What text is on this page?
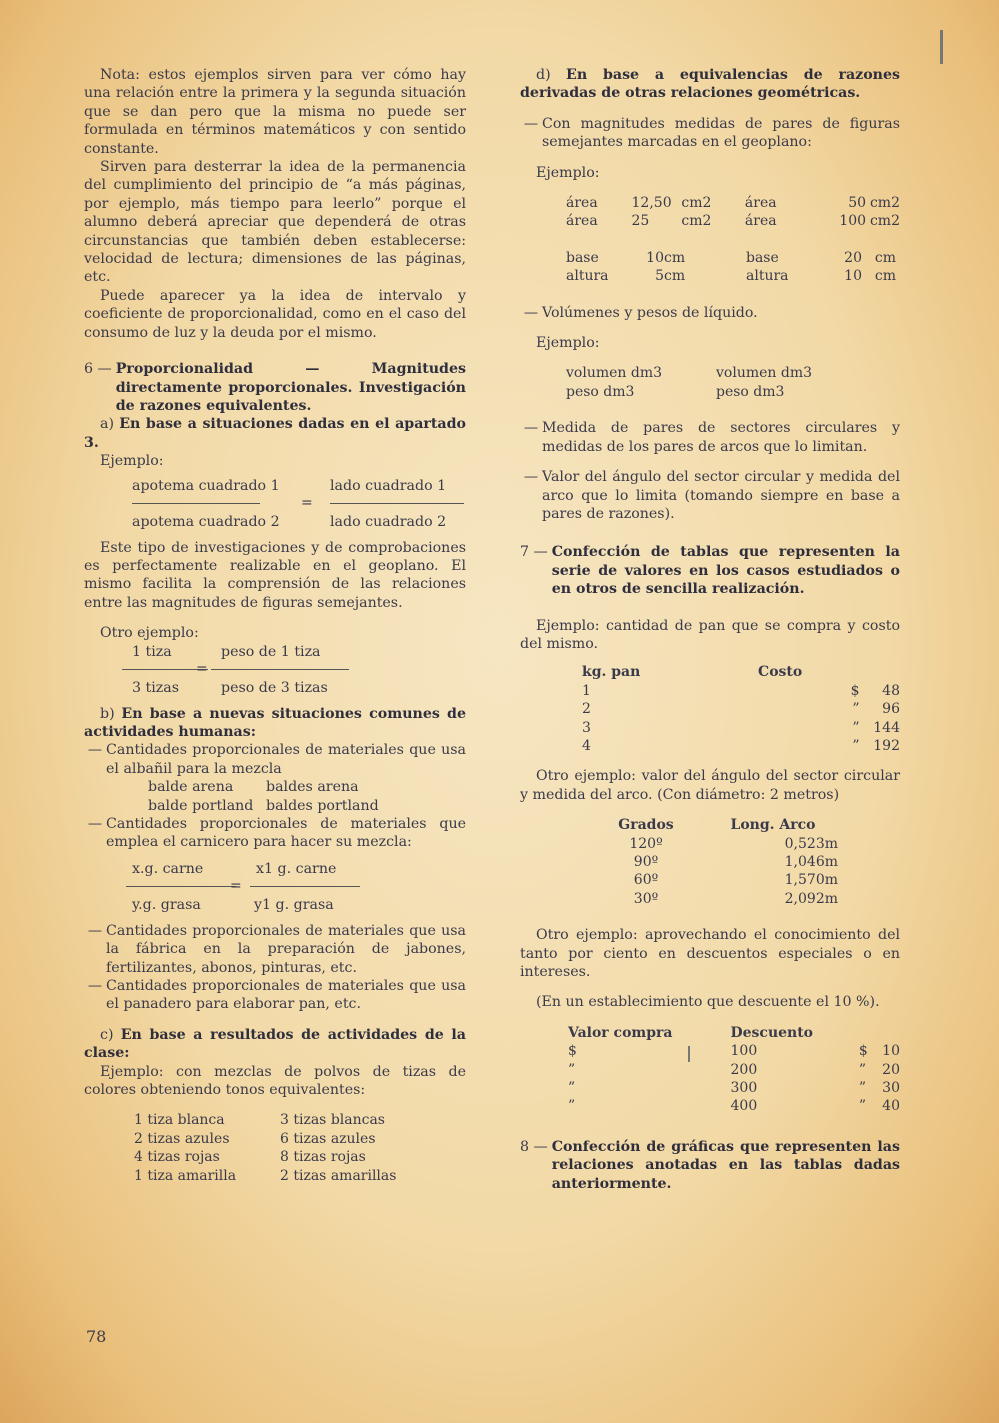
Nota: estos ejemplos sirven para ver cómo hay una relación entre la primera y la segunda situación que se dan pero que la misma no puede ser formulada en términos matemáticos y con sentido constante.

Sirven para desterrar la idea de la permanencia del cumplimiento del principio de “a más páginas, por ejemplo, más tiempo para leerlo” porque el alumno deberá apreciar que dependerá de otras circunstancias que también deben establecerse: velocidad de lectura; dimensiones de las páginas, etc.

Puede aparecer ya la idea de intervalo y coeficiente de proporcionalidad, como en el caso del consumo de luz y la deuda por el mismo.

6 — Proporcionalidad — Magnitudes directamente proporcionales. Investigación de razones equivalentes.

a) En base a situaciones dadas en el apartado 3.

Ejemplo:

apotema cuadrado 1
apotema cuadrado 2
=
lado cuadrado 1
lado cuadrado 2

Este tipo de investigaciones y de comprobaciones es perfectamente realizable en el geoplano. El mismo facilita la comprensión de las relaciones entre las magnitudes de figuras semejantes.

Otro ejemplo:

1 tiza
3 tizas
=
peso de 1 tiza
peso de 3 tizas

b) En base a nuevas situaciones comunes de actividades humanas:

— Cantidades proporcionales de materiales que usa el albañil para la mezcla

balde arena	baldes arena
balde portland baldes portland
— Cantidades proporcionales de materiales que emplea el carnicero para hacer su mezcla:

x.g. carne
y.g. grasa
=
x1 g. carne
y1 g. grasa
— Cantidades proporcionales de materiales que usa la fábrica en la preparación de jabones, fertilizantes, abonos, pinturas, etc.

— Cantidades proporcionales de materiales que usa el panadero para elaborar pan, etc.

c) En base a resultados de actividades de la clase:

Ejemplo: con mezclas de polvos de tizas de colores obteniendo tonos equivalentes:

1 tiza blanca	3 tizas blancas
2 tizas azules	6 tizas azules
4 tizas rojas	8 tizas rojas
1 tiza amarilla	2 tizas amarillas

d) En base a equivalencias de razones derivadas de otras relaciones geométricas.

— Con magnitudes medidas de pares de figuras semejantes marcadas en el geoplano:

Ejemplo:

área	12,50	cm2	área	50	cm2
área	25	cm2	área	100	cm2
base	10	cm	base	20	cm
altura	5	cm	altura	10	cm
— Volúmenes y pesos de líquido.

Ejemplo:

volumen dm3	volumen dm3
peso dm3	peso dm3
— Medida de pares de sectores circulares y medidas de los pares de arcos que lo limitan.

— Valor del ángulo del sector circular y medida del arco que lo limita (tomando siempre en base a pares de razones).

7 — Confección de tablas que representen la serie de valores en los casos estudiados o en otros de sencilla realización.

Ejemplo: cantidad de pan que se compra y costo del mismo.

kg. pan	Costo	
1	$	48
2	”	96
3	”	144
4	”	192

Otro ejemplo: valor del ángulo del sector circular y medida del arco. (Con diámetro: 2 metros)

Grados	Long. Arco
120º	0,523m
90º	1,046m
60º	1,570m
30º	2,092m

Otro ejemplo: aprovechando el conocimiento del tanto por ciento en descuentos especiales o en intereses.

(En un establecimiento que descuente el 10 %).

Valor compra	Descuento		
$	100	$	10
”	200	”	20
”	300	”	30
”	400	”	40
8 — Confección de gráficas que representen las relaciones anotadas en las tablas dadas anteriormente.

78
